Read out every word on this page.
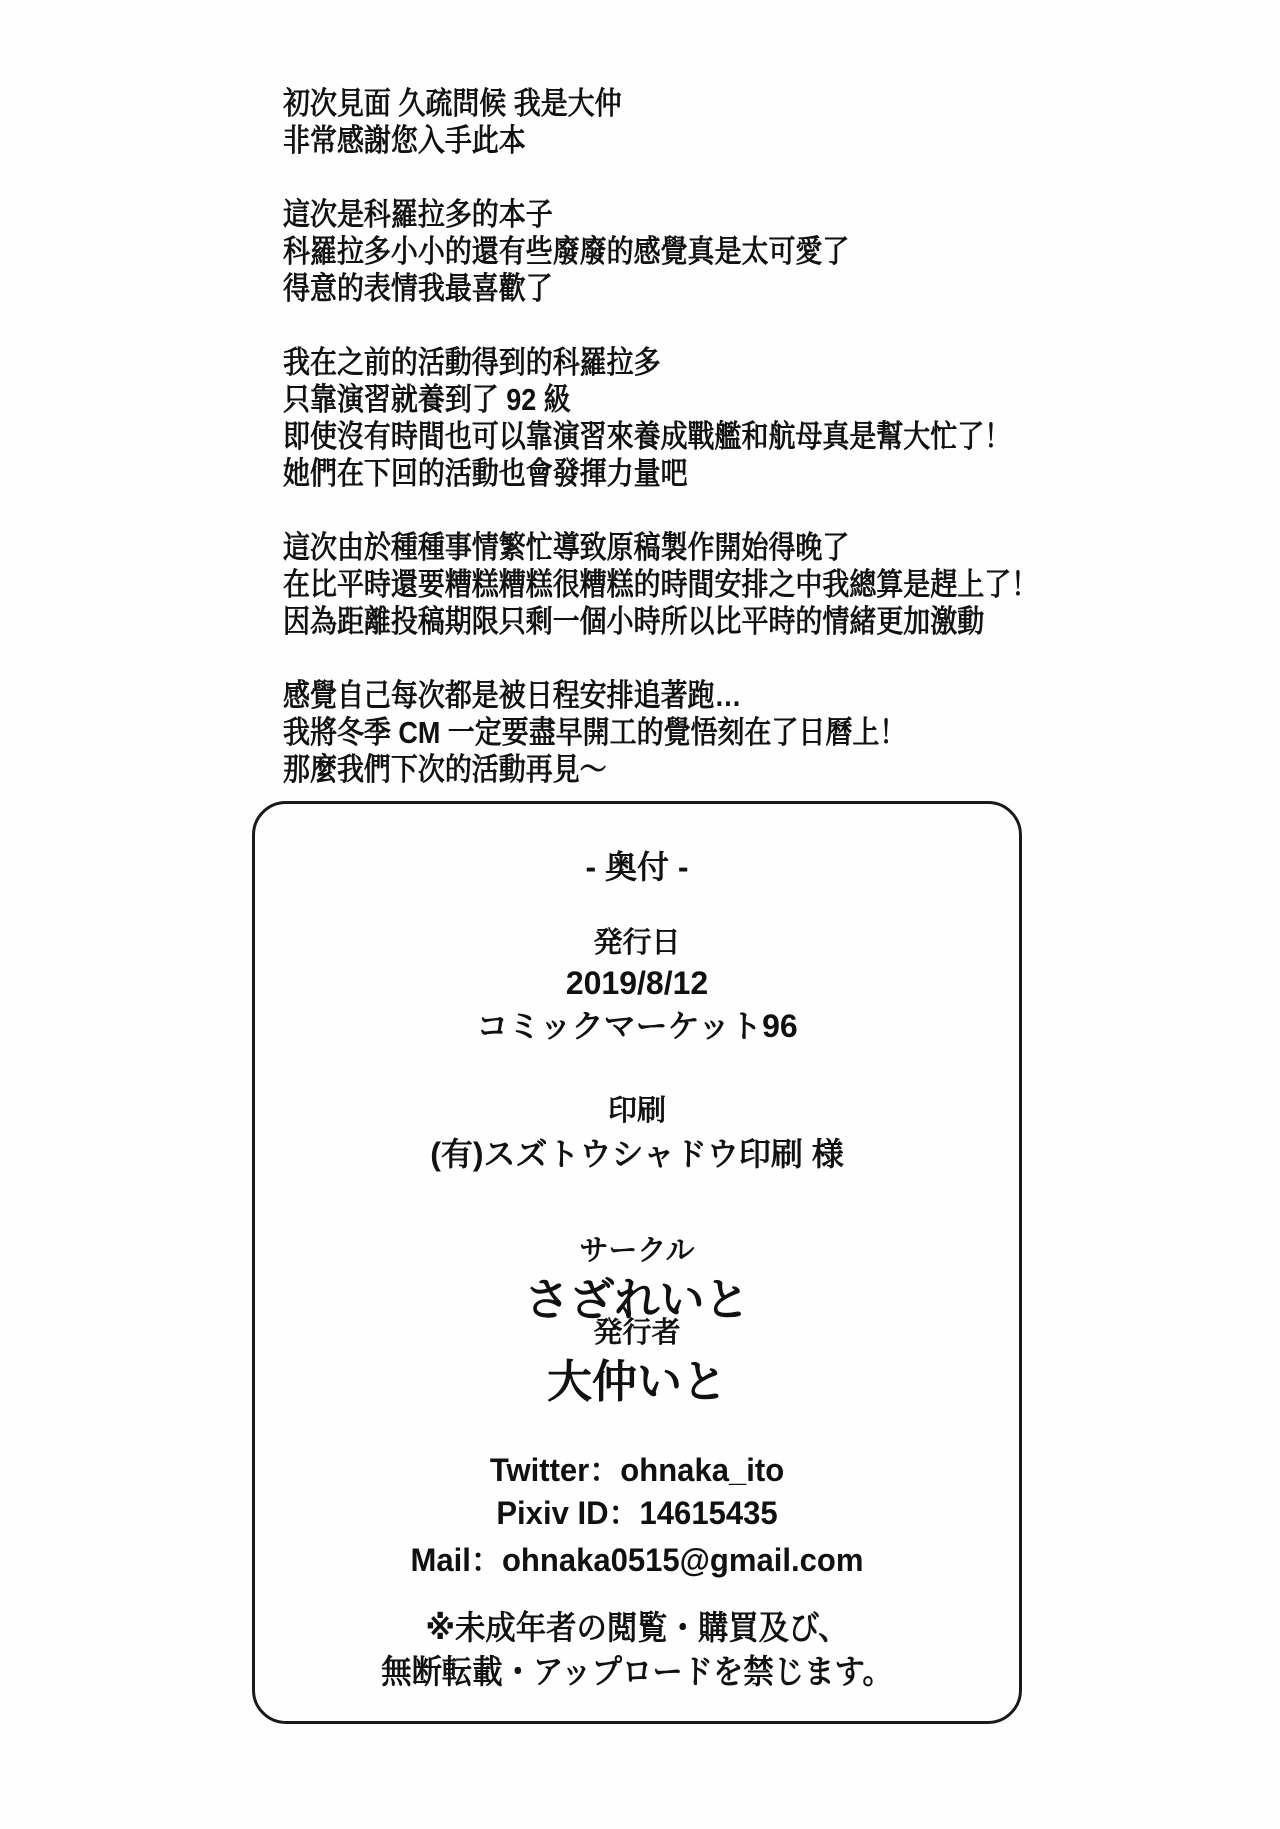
初次見面 久疏問候 我是大仲
非常感謝您入手此本
這次是科羅拉多的本子
科羅拉多小小的還有些廢廢的感覺真是太可愛了
得意的表情我最喜歡了
我在之前的活動得到的科羅拉多
只靠演習就養到了 92 級
即使沒有時間也可以靠演習來養成戰艦和航母真是幫大忙了！
她們在下回的活動也會發揮力量吧
這次由於種種事情繁忙導致原稿製作開始得晚了
在比平時還要糟糕糟糕很糟糕的時間安排之中我總算是趕上了！
因為距離投稿期限只剩一個小時所以比平時的情緒更加激動
感覺自己每次都是被日程安排追著跑…
我將冬季 CM 一定要盡早開工的覺悟刻在了日曆上！
那麼我們下次的活動再見～
- 奥付 -
発行日
2019/8/12
コミックマーケット96
印刷
(有)スズトウシャドウ印刷 様
サークル
さざれいと
発行者
大仲いと
Twitter：ohnaka_ito
Pixiv ID：14615435
Mail：ohnaka0515@gmail.com
※未成年者の閲覧・購買及び、
無断転載・アップロードを禁じます。
